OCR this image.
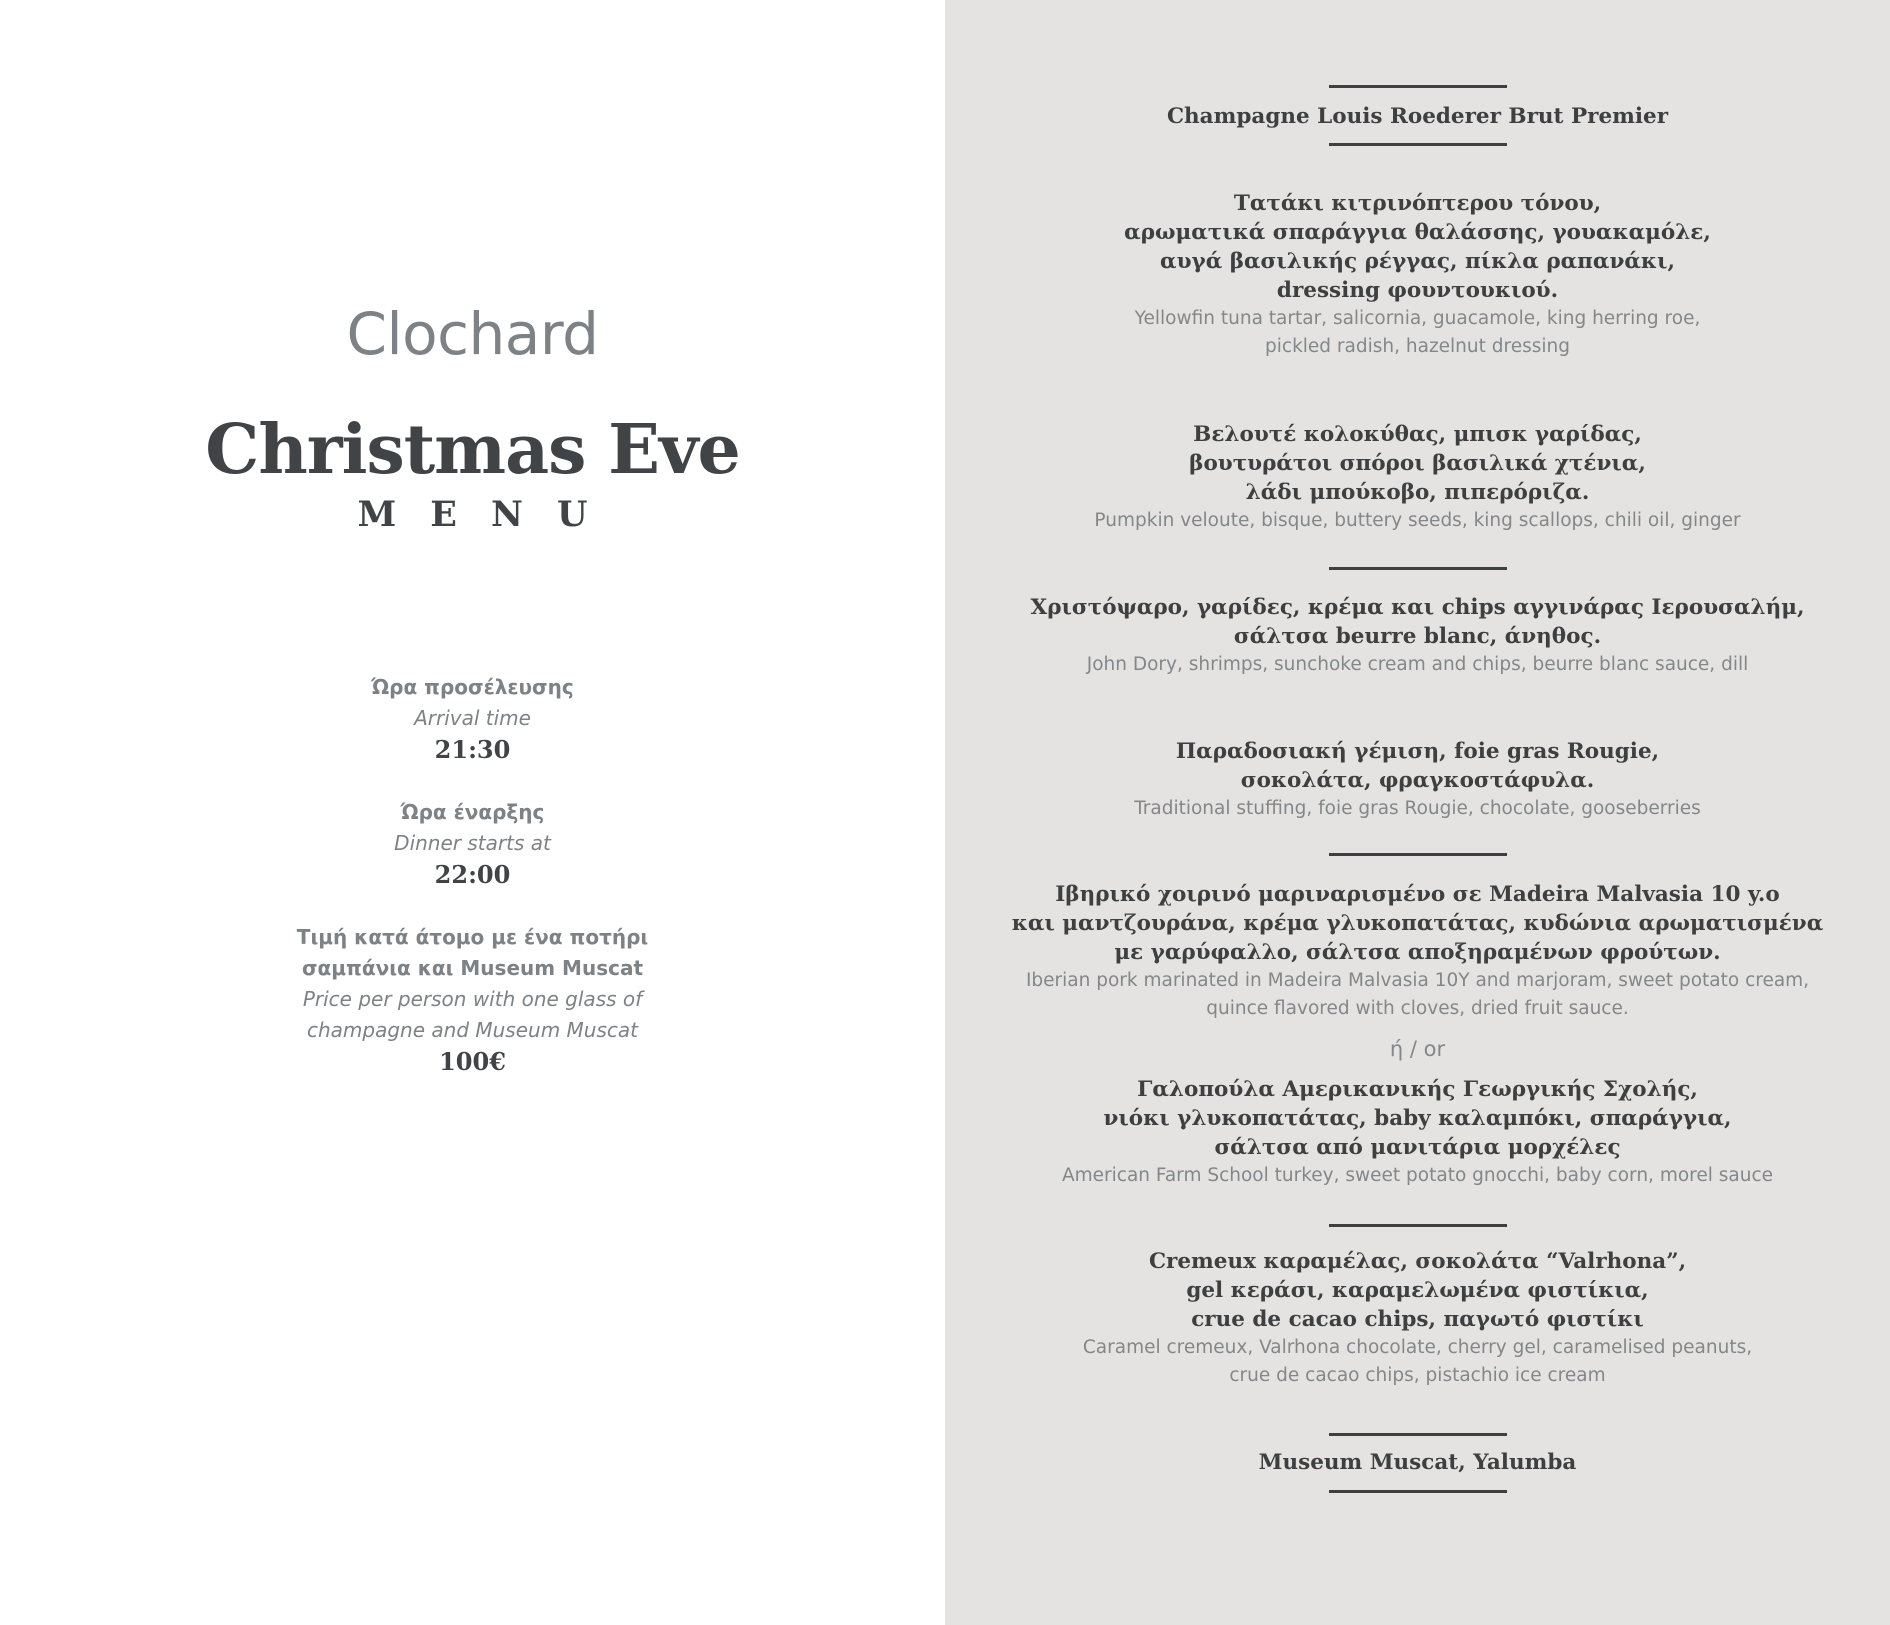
Clochard
Christmas Eve
MENU
Ώρα προσέλευσης
Arrival time
21:30
Ώρα έναρξης
Dinner starts at
22:00
Τιμή κατά άτομο με ένα ποτήρι
σαμπάνια και Museum Muscat
Price per person with one glass of
champagne and Museum Muscat
100€
Champagne Louis Roederer Brut Premier
Τατάκι κιτρινόπτερου τόνου,
αρωματικά σπαράγγια θαλάσσης, γουακαμόλε,
αυγά βασιλικής ρέγγας, πίκλα ραπανάκι,
dressing φουντουκιού.
Yellowfin tuna tartar, salicornia, guacamole, king herring roe,
pickled radish, hazelnut dressing
Βελουτέ κολοκύθας, μπισκ γαρίδας,
βουτυράτοι σπόροι βασιλικά χτένια,
λάδι μπούκοβο, πιπερόριζα.
Pumpkin veloute, bisque, buttery seeds, king scallops, chili oil, ginger
Χριστόψαρο, γαρίδες, κρέμα και chips αγγινάρας Ιερουσαλήμ,
σάλτσα beurre blanc, άνηθος.
John Dory, shrimps, sunchoke cream and chips, beurre blanc sauce, dill
Παραδοσιακή γέμιση, foie gras Rougie,
σοκολάτα, φραγκοστάφυλα.
Traditional stuffing, foie gras Rougie, chocolate, gooseberries
Ιβηρικό χοιρινό μαριναρισμένο σε Madeira Malvasia 10 y.o
και μαντζουράνα, κρέμα γλυκοπατάτας, κυδώνια αρωματισμένα
με γαρύφαλλο, σάλτσα αποξηραμένων φρούτων.
Iberian pork marinated in Madeira Malvasia 10Y and marjoram, sweet potato cream,
quince flavored with cloves, dried fruit sauce.
ή / or
Γαλοπούλα Αμερικανικής Γεωργικής Σχολής,
νιόκι γλυκοπατάτας, baby καλαμπόκι, σπαράγγια,
σάλτσα από μανιτάρια μορχέλες
American Farm School turkey, sweet potato gnocchi, baby corn, morel sauce
Cremeux καραμέλας, σοκολάτα “Valrhona”,
gel κεράσι, καραμελωμένα φιστίκια,
crue de cacao chips, παγωτό φιστίκι
Caramel cremeux, Valrhona chocolate, cherry gel, caramelised peanuts,
crue de cacao chips, pistachio ice cream
Museum Muscat, Yalumba
